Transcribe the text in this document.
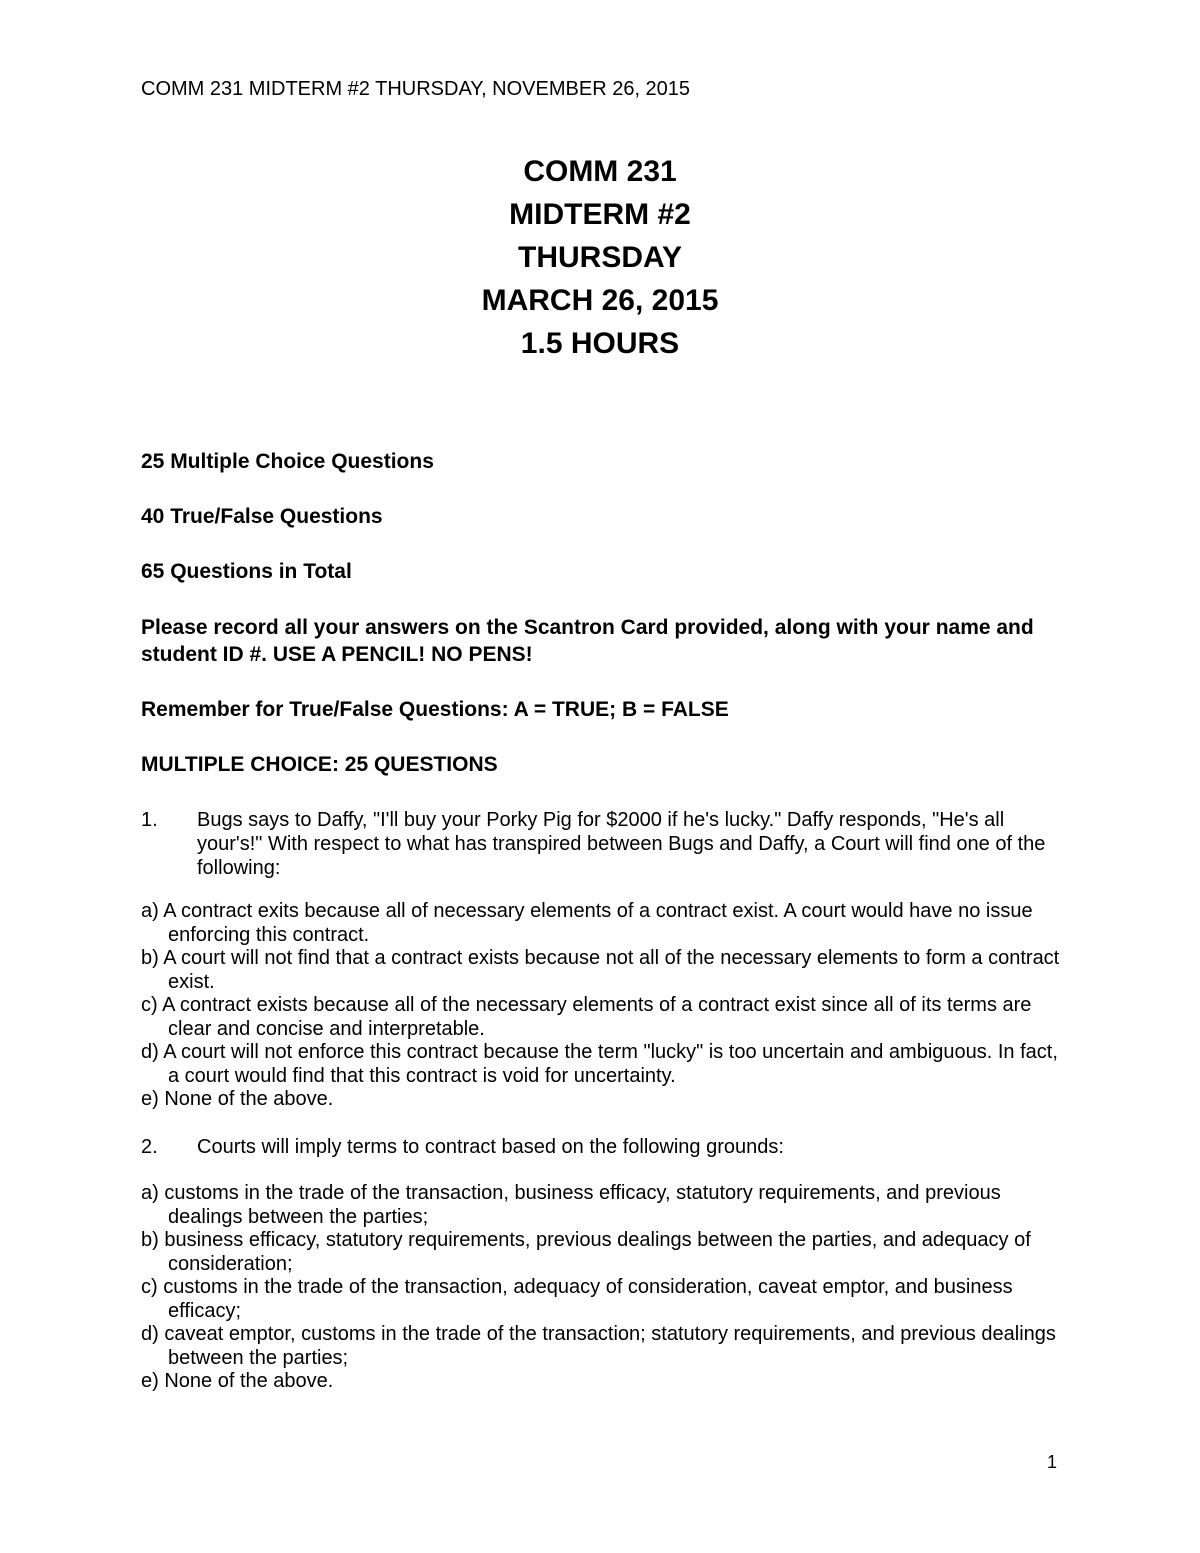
COMM 231 MIDTERM #2 THURSDAY, NOVEMBER 26, 2015
COMM 231
MIDTERM #2
THURSDAY
MARCH 26, 2015
1.5 HOURS
25 Multiple Choice Questions
40 True/False Questions
65 Questions in Total
Please record all your answers on the Scantron Card provided, along with your name and student ID #. USE A PENCIL! NO PENS!
Remember for True/False Questions: A = TRUE; B = FALSE
MULTIPLE CHOICE: 25 QUESTIONS
1. Bugs says to Daffy, "I'll buy your Porky Pig for $2000 if he's lucky." Daffy responds, "He's all your's!" With respect to what has transpired between Bugs and Daffy, a Court will find one of the following:
a) A contract exits because all of necessary elements of a contract exist. A court would have no issue enforcing this contract.
b) A court will not find that a contract exists because not all of the necessary elements to form a contract exist.
c) A contract exists because all of the necessary elements of a contract exist since all of its terms are clear and concise and interpretable.
d) A court will not enforce this contract because the term "lucky" is too uncertain and ambiguous. In fact, a court would find that this contract is void for uncertainty.
e) None of the above.
2. Courts will imply terms to contract based on the following grounds:
a) customs in the trade of the transaction, business efficacy, statutory requirements, and previous dealings between the parties;
b) business efficacy, statutory requirements, previous dealings between the parties, and adequacy of consideration;
c) customs in the trade of the transaction, adequacy of consideration, caveat emptor, and business efficacy;
d) caveat emptor, customs in the trade of the transaction; statutory requirements, and previous dealings between the parties;
e) None of the above.
1
